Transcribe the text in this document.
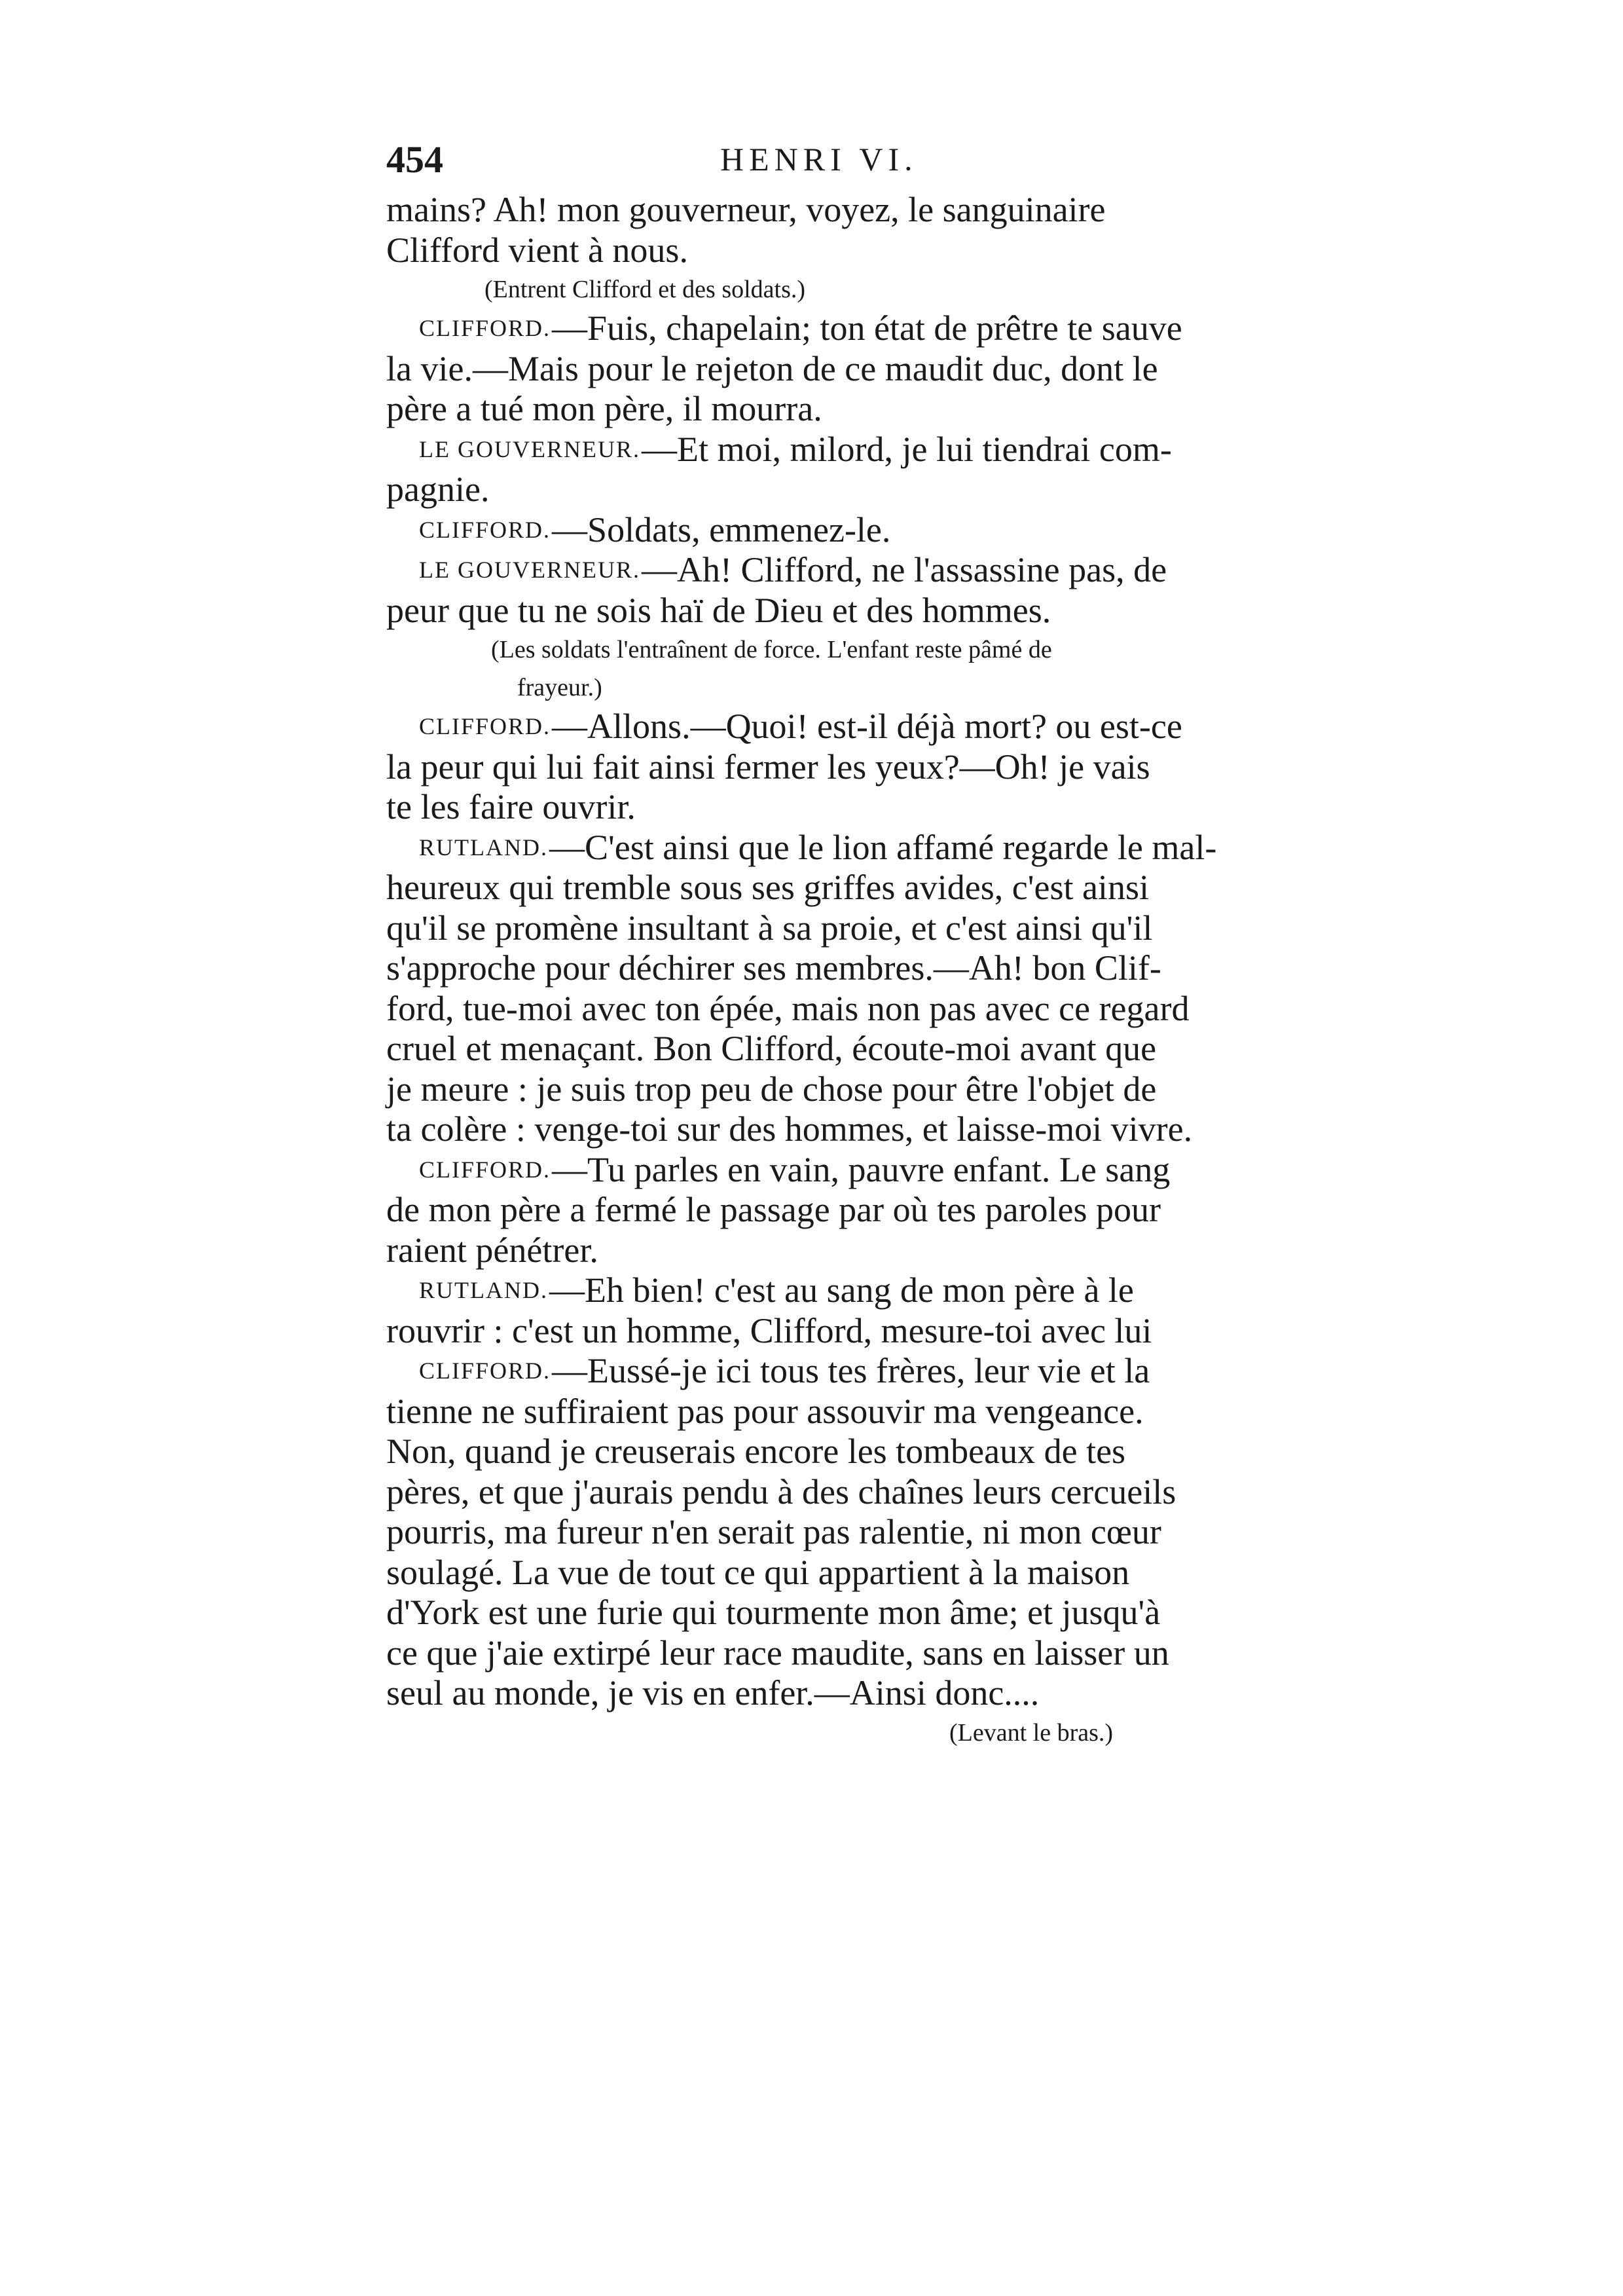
454	HENRI VI.
mains? Ah! mon gouverneur, voyez, le sanguinaire
Clifford vient à nous.
(Entrent Clifford et des soldats.)
CLIFFORD. —Fuis, chapelain; ton état de prêtre te sauve
la vie.—Mais pour le rejeton de ce maudit duc, dont le
père a tué mon père, il mourra.
LE GOUVERNEUR. —Et moi, milord, je lui tiendrai com-
pagnie.
CLIFFORD. —Soldats, emmenez-le.
LE GOUVERNEUR. —Ah! Clifford, ne l'assassine pas, de
peur que tu ne sois haï de Dieu et des hommes.
(Les soldats l'entraînent de force. L'enfant reste pâmé de
frayeur.)
CLIFFORD. —Allons.—Quoi! est-il déjà mort? ou est-ce
la peur qui lui fait ainsi fermer les yeux?—Oh! je vais
te les faire ouvrir.
RUTLAND. —C'est ainsi que le lion affamé regarde le mal-
heureux qui tremble sous ses griffes avides, c'est ainsi
qu'il se promène insultant à sa proie, et c'est ainsi qu'il
s'approche pour déchirer ses membres.—Ah! bon Clif-
ford, tue-moi avec ton épée, mais non pas avec ce regard
cruel et menaçant. Bon Clifford, écoute-moi avant que
je meure : je suis trop peu de chose pour être l'objet de
ta colère : venge-toi sur des hommes, et laisse-moi vivre.
CLIFFORD. —Tu parles en vain, pauvre enfant. Le sang
de mon père a fermé le passage par où tes paroles pour
raient pénétrer.
RUTLAND. —Eh bien! c'est au sang de mon père à le
rouvrir : c'est un homme, Clifford, mesure-toi avec lui
CLIFFORD. —Eussé-je ici tous tes frères, leur vie et la
tienne ne suffiraient pas pour assouvir ma vengeance.
Non, quand je creuserais encore les tombeaux de tes
pères, et que j'aurais pendu à des chaînes leurs cercueils
pourris, ma fureur n'en serait pas ralentie, ni mon cœur
soulagé. La vue de tout ce qui appartient à la maison
d'York est une furie qui tourmente mon âme; et jusqu'à
ce que j'aie extirpé leur race maudite, sans en laisser un
seul au monde, je vis en enfer.—Ainsi donc....
(Levant le bras.)
